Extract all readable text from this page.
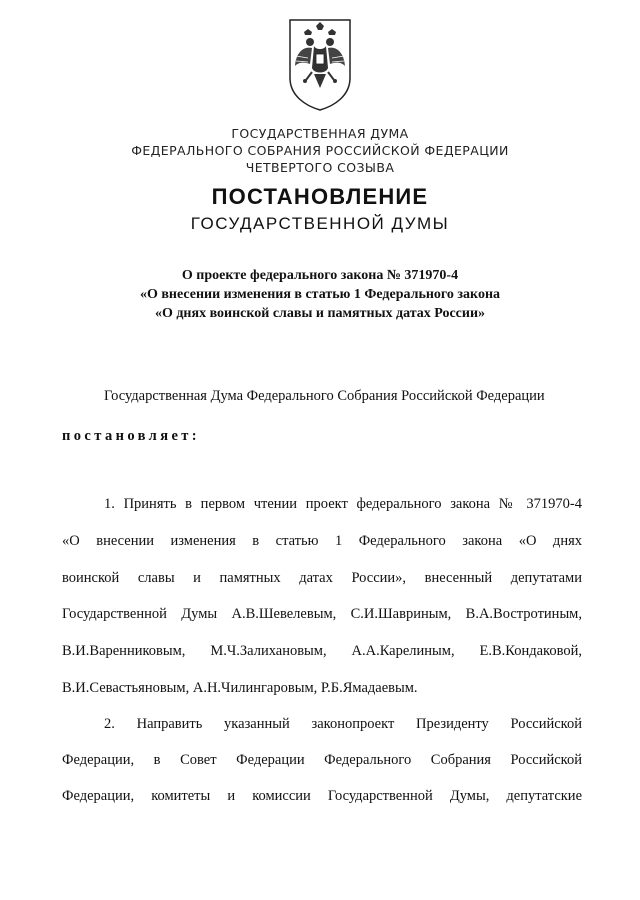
ГОСУДАРСТВЕННАЯ ДУМА
ФЕДЕРАЛЬНОГО СОБРАНИЯ РОССИЙСКОЙ ФЕДЕРАЦИИ
ЧЕТВЕРТОГО СОЗЫВА
ПОСТАНОВЛЕНИЕ
ГОСУДАРСТВЕННОЙ ДУМЫ
О проекте федерального закона № 371970-4
«О внесении изменения в статью 1 Федерального закона
«О днях воинской славы и памятных датах России»
Государственная Дума Федерального Собрания Российской Федерации
постановляет:
1. Принять в первом чтении проект федерального закона № 371970-4
«О внесении изменения в статью 1 Федерального закона «О днях
воинской славы и памятных датах России», внесенный депутатами
Государственной Думы А.В.Шевелевым, С.И.Шавриным, В.А.Востротиным,
В.И.Варенниковым, М.Ч.Залихановым, А.А.Карелиным, Е.В.Кондаковой,
В.И.Севастьяновым, А.Н.Чилингаровым, Р.Б.Ямадаевым.
2. Направить указанный законопроект Президенту Российской
Федерации, в Совет Федерации Федерального Собрания Российской
Федерации, комитеты и комиссии Государственной Думы, депутатские
